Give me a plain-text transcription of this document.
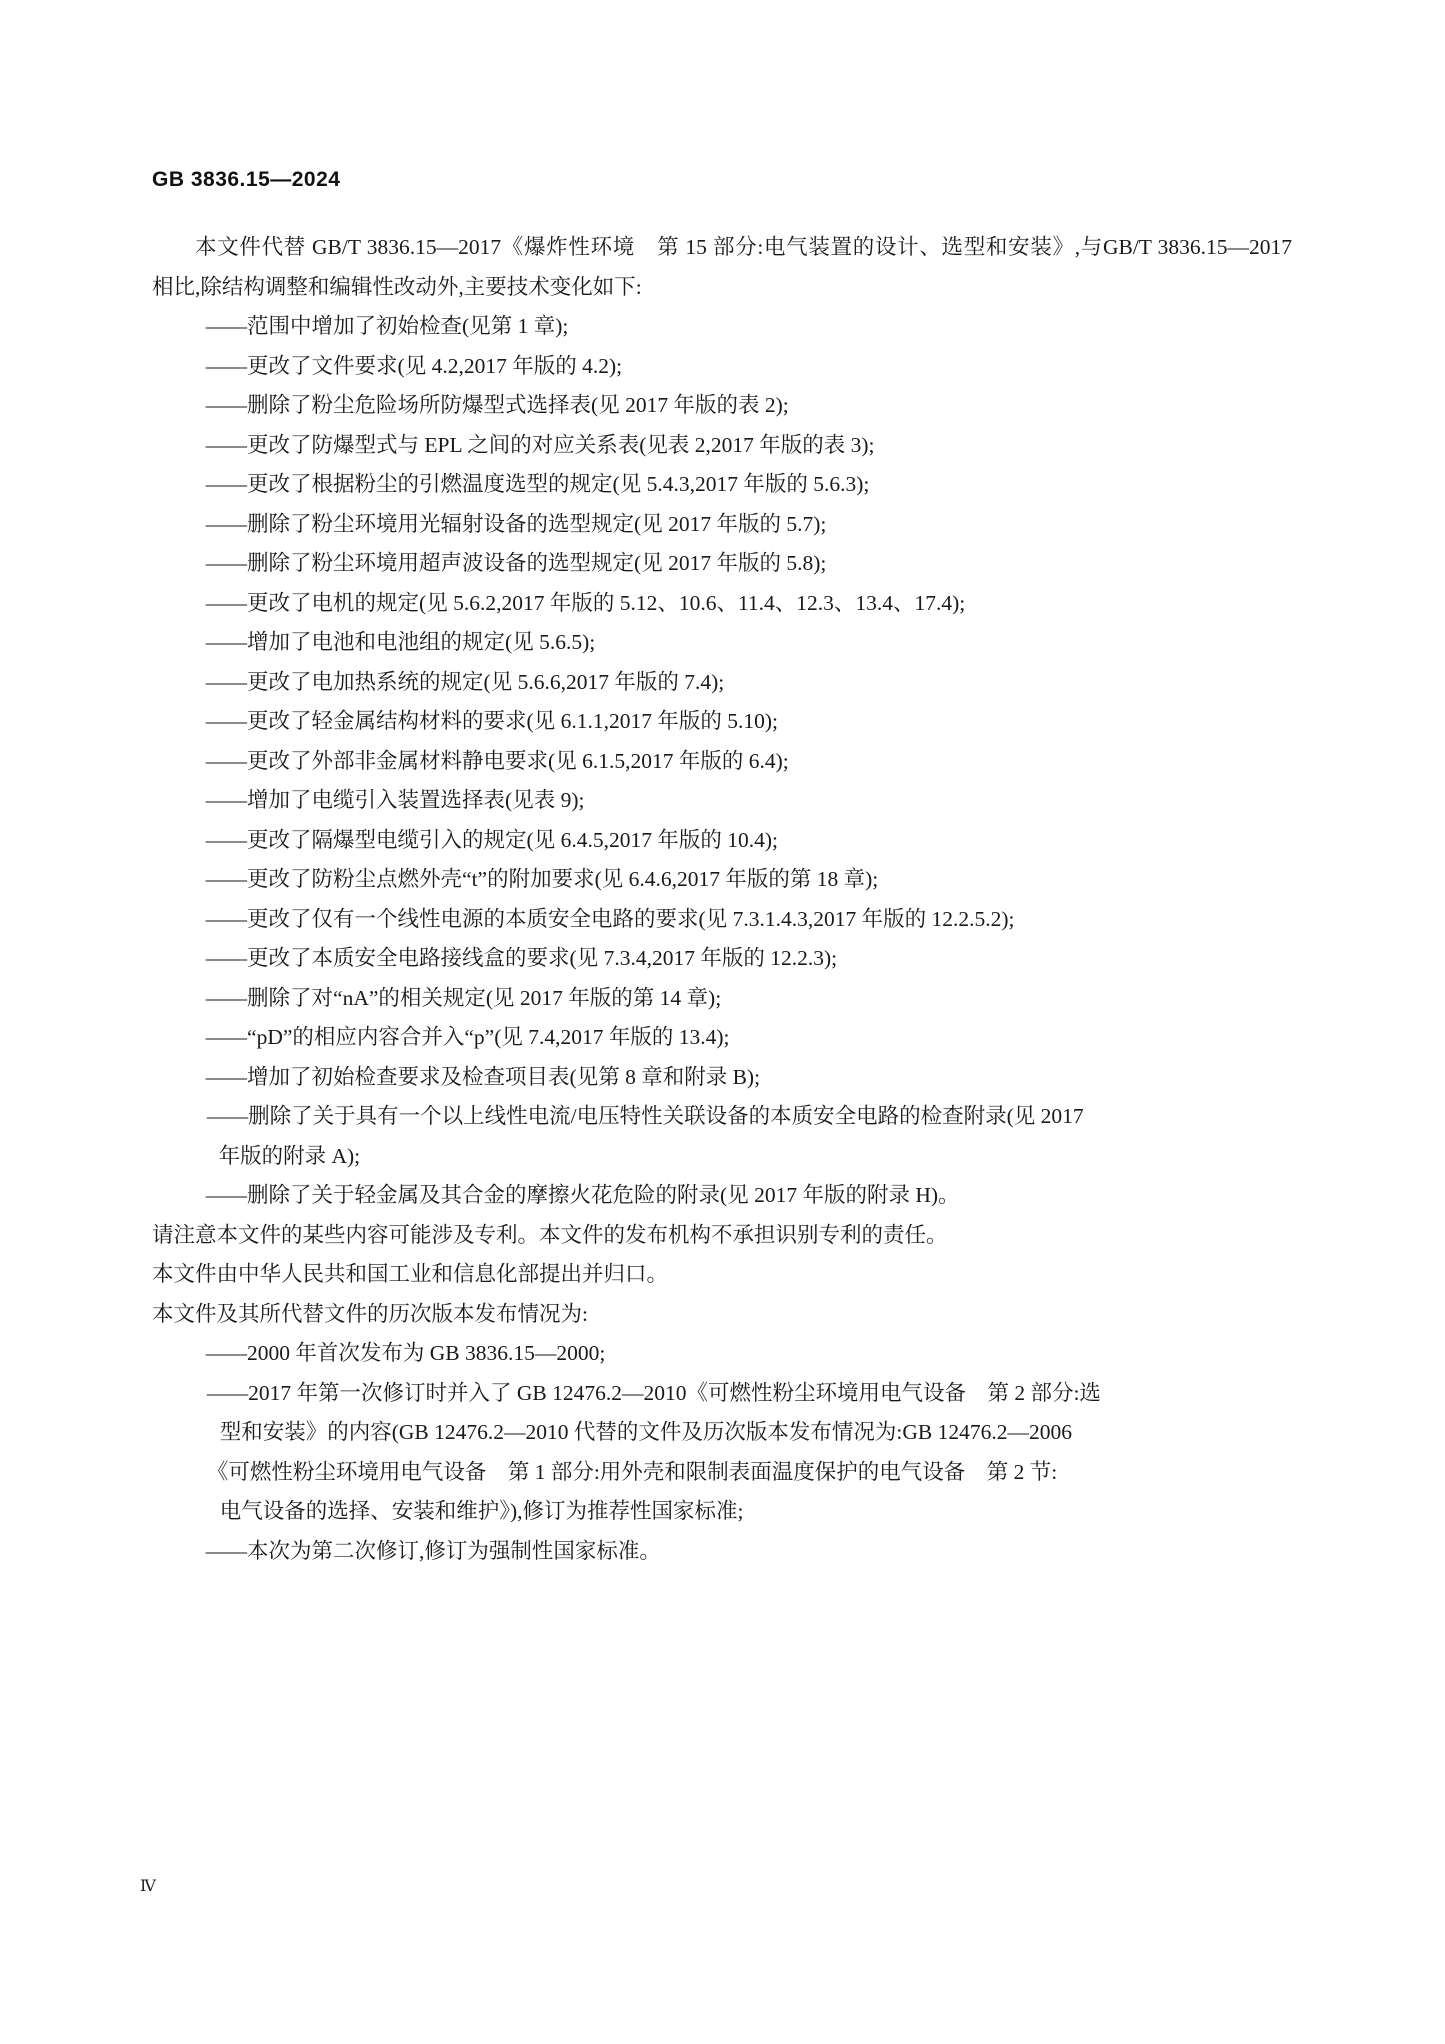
GB 3836.15—2024

本文件代替 GB/T 3836.15—2017《爆炸性环境　第 15 部分:电气装置的设计、选型和安装》,与GB/T 3836.15—2017 相比,除结构调整和编辑性改动外,主要技术变化如下:

——范围中增加了初始检查(见第 1 章);

——更改了文件要求(见 4.2,2017 年版的 4.2);

——删除了粉尘危险场所防爆型式选择表(见 2017 年版的表 2);

——更改了防爆型式与 EPL 之间的对应关系表(见表 2,2017 年版的表 3);

——更改了根据粉尘的引燃温度选型的规定(见 5.4.3,2017 年版的 5.6.3);

——删除了粉尘环境用光辐射设备的选型规定(见 2017 年版的 5.7);

——删除了粉尘环境用超声波设备的选型规定(见 2017 年版的 5.8);

——更改了电机的规定(见 5.6.2,2017 年版的 5.12、10.6、11.4、12.3、13.4、17.4);

——增加了电池和电池组的规定(见 5.6.5);

——更改了电加热系统的规定(见 5.6.6,2017 年版的 7.4);

——更改了轻金属结构材料的要求(见 6.1.1,2017 年版的 5.10);

——更改了外部非金属材料静电要求(见 6.1.5,2017 年版的 6.4);

——增加了电缆引入装置选择表(见表 9);

——更改了隔爆型电缆引入的规定(见 6.4.5,2017 年版的 10.4);

——更改了防粉尘点燃外壳“t”的附加要求(见 6.4.6,2017 年版的第 18 章);

——更改了仅有一个线性电源的本质安全电路的要求(见 7.3.1.4.3,2017 年版的 12.2.5.2);

——更改了本质安全电路接线盒的要求(见 7.3.4,2017 年版的 12.2.3);

——删除了对“nA”的相关规定(见 2017 年版的第 14 章);

——“pD”的相应内容合并入“p”(见 7.4,2017 年版的 13.4);

——增加了初始检查要求及检查项目表(见第 8 章和附录 B);

——删除了关于具有一个以上线性电流/电压特性关联设备的本质安全电路的检查附录(见 2017
年版的附录 A);

——删除了关于轻金属及其合金的摩擦火花危险的附录(见 2017 年版的附录 H)。

请注意本文件的某些内容可能涉及专利。本文件的发布机构不承担识别专利的责任。

本文件由中华人民共和国工业和信息化部提出并归口。

本文件及其所代替文件的历次版本发布情况为:

——2000 年首次发布为 GB 3836.15—2000;

——2017 年第一次修订时并入了 GB 12476.2—2010《可燃性粉尘环境用电气设备　第 2 部分:选
型和安装》的内容(GB 12476.2—2010 代替的文件及历次版本发布情况为:GB 12476.2—2006
《可燃性粉尘环境用电气设备　第 1 部分:用外壳和限制表面温度保护的电气设备　第 2 节:
电气设备的选择、安装和维护》),修订为推荐性国家标准;

——本次为第二次修订,修订为强制性国家标准。

Ⅳ
